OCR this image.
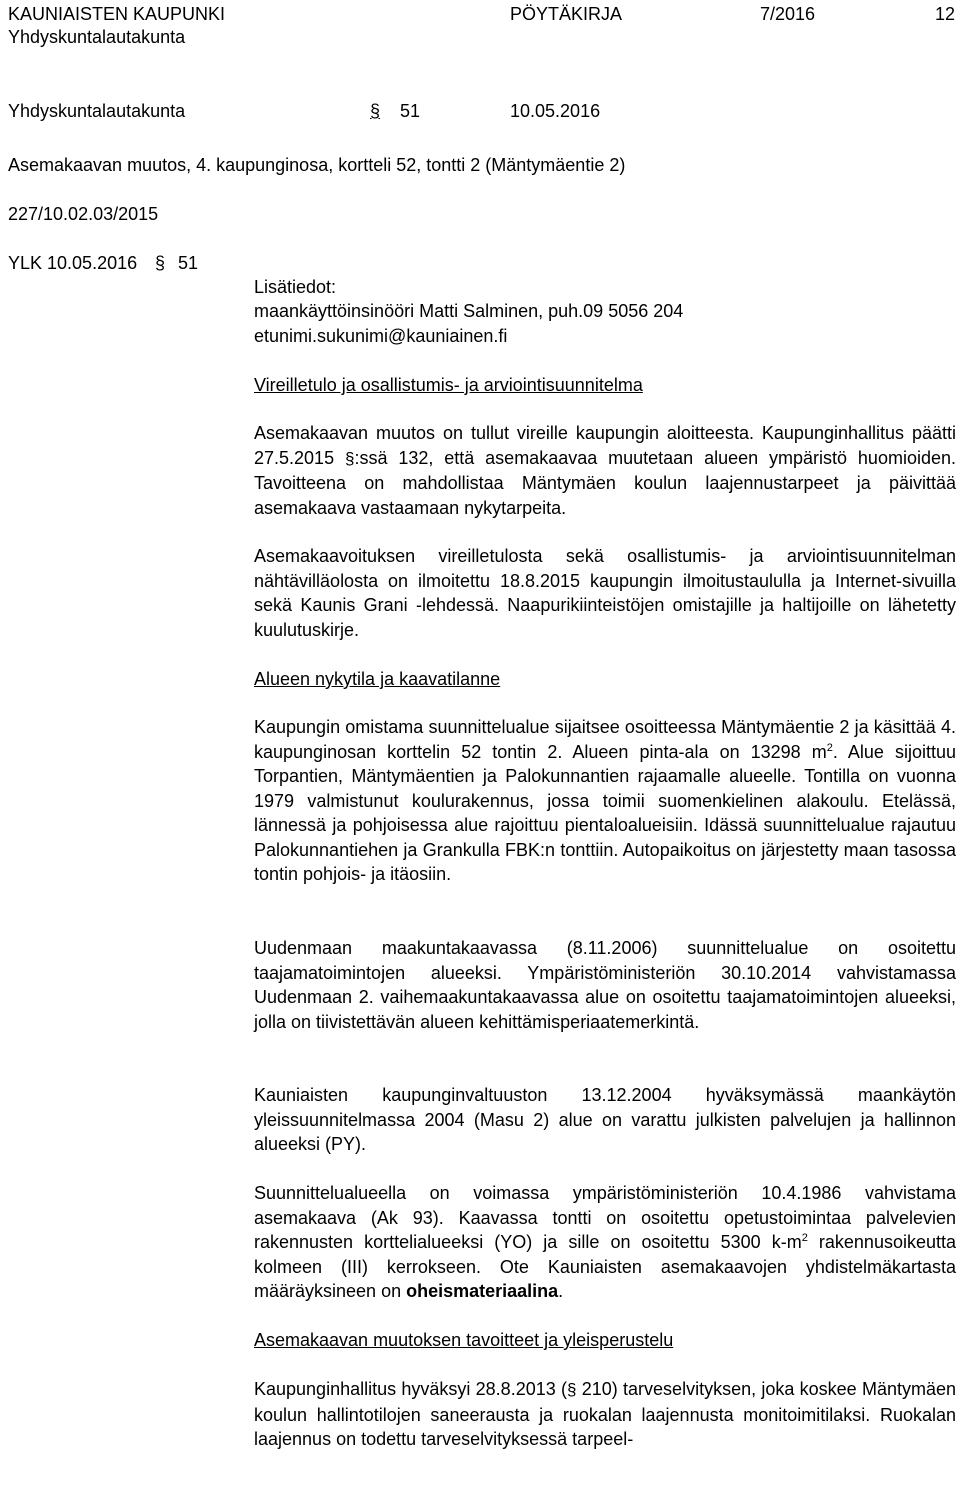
KAUNIAISTEN KAUPUNKI
Yhdyskuntalautakunta
PÖYTÄKIRJA	7/2016	12
Yhdyskuntalautakunta	§ 51	10.05.2016
Asemakaavan muutos, 4. kaupunginosa, kortteli 52, tontti 2 (Mäntymäentie 2)
227/10.02.03/2015
YLK 10.05.2016 § 51
Lisätiedot:
maankäyttöinsinööri Matti Salminen, puh.09 5056 204
etunimi.sukunimi@kauniainen.fi
Vireilletulo ja osallistumis- ja arviointisuunnitelma
Asemakaavan muutos on tullut vireille kaupungin aloitteesta. Kaupunginhallitus päätti 27.5.2015 §:ssä 132, että asemakaavaa muutetaan alueen ympäristö huomioiden. Tavoitteena on mahdollistaa Mäntymäen koulun laajennustarpeet ja päivittää asemakaava vastaamaan nykytarpeita.
Asemakaavoituksen vireilletulosta sekä osallistumis- ja arviointisuunnitelman nähtävilläolosta on ilmoitettu 18.8.2015 kaupungin ilmoitustaululla ja Internet-sivuilla sekä Kaunis Grani -lehdessä. Naapurikiinteistöjen omistajille ja haltijoille on lähetetty kuulutuskirje.
Alueen nykytila ja kaavatilanne
Kaupungin omistama suunnittelualue sijaitsee osoitteessa Mäntymäentie 2 ja käsittää 4. kaupunginosan korttelin 52 tontin 2. Alueen pinta-ala on 13298 $m^2$. Alue sijoittuu Torpantien, Mäntymäentien ja Palokunnantien rajaamalle alueelle. Tontilla on vuonna 1979 valmistunut koulurakennus, jossa toimii suomenkielinen alakoulu. Etelässä, lännessä ja pohjoisessa alue rajoittuu pientaloalueisiin. Idässä suunnittelualue rajautuu Palokunnantiehen ja Grankulla FBK:n tonttiin. Autopaikoitus on järjestetty maan tasossa tontin pohjois- ja itäosiin.
Uudenmaan maakuntakaavassa (8.11.2006) suunnittelualue on osoitettu taajamatoimintojen alueeksi. Ympäristöministeriön 30.10.2014 vahvistamassa Uudenmaan 2. vaihemaakuntakaavassa alue on osoitettu taajamatoimintojen alueeksi, jolla on tiivistettävän alueen kehittämisperiaatemerkintä.
Kauniaisten kaupunginvaltuuston 13.12.2004 hyväksymässä maankäytön yleissuunnitelmassa 2004 (Masu 2) alue on varattu julkisten palvelujen ja hallinnon alueeksi (PY).
Suunnittelualueella on voimassa ympäristöministeriön 10.4.1986 vahvistama asemakaava (Ak 93). Kaavassa tontti on osoitettu opetustoimintaa palvelevien rakennusten korttelialueeksi (YO) ja sille on osoitettu 5300 $k-m^2$ rakennusoikeutta kolmeen (III) kerrokseen. Ote Kauniaisten asemakaavojen yhdistelmäkartasta määräyksineen on oheismateriaalina.
Asemakaavan muutoksen tavoitteet ja yleisperustelu
Kaupunginhallitus hyväksyi 28.8.2013 (§ 210) tarveselvityksen, joka koskee Mäntymäen koulun hallintotilojen saneerausta ja ruokalan laajennusta monitoimitilaksi. Ruokalan laajennus on todettu tarveselvityksessä tarpeel-
